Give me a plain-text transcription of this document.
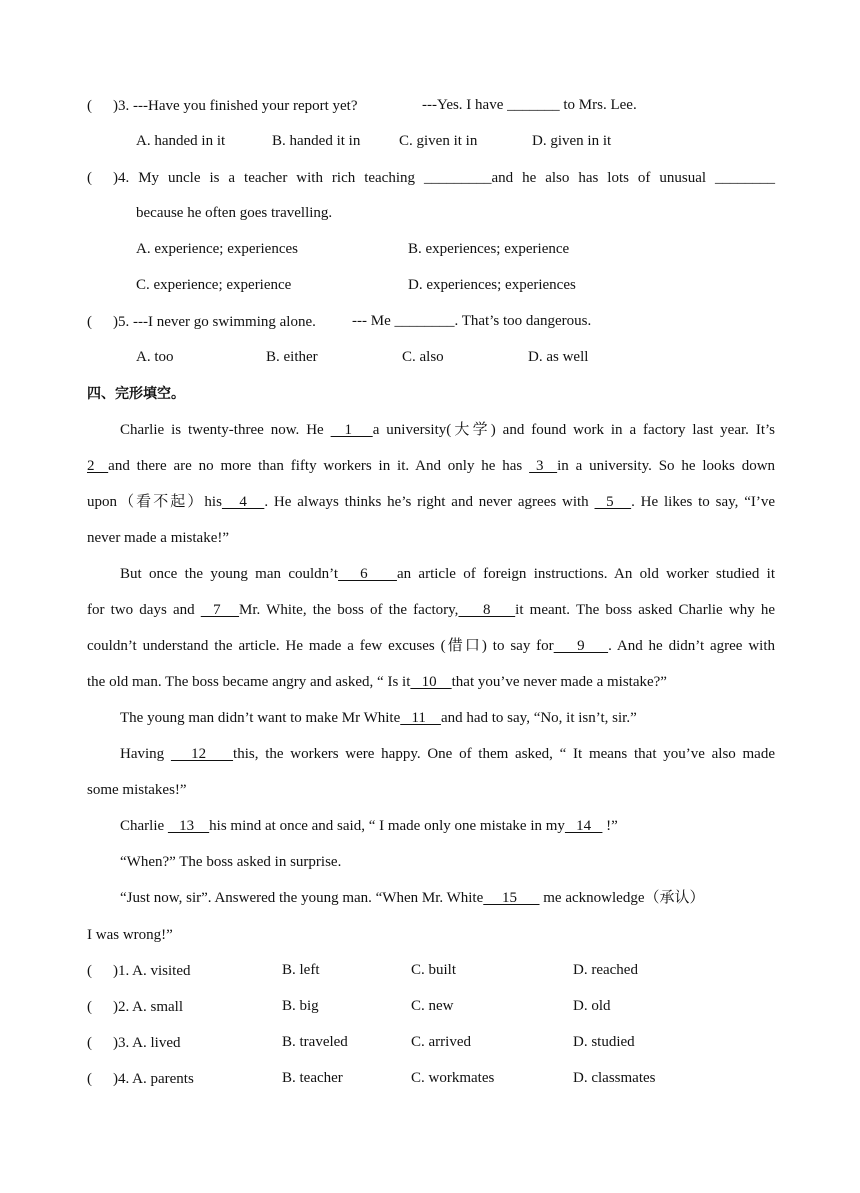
( )3. ---Have you finished your report yet?	---Yes. I have _______ to Mrs. Lee.
A. handed in it	B. handed it in	C. given it in	D. given in it
( )4. My uncle is a teacher with rich teaching _________and he also has lots of unusual ________
because he often goes travelling.
A. experience; experiences	B. experiences; experience
C. experience; experience	D. experiences; experiences
( )5. ---I never go swimming alone. --- Me ________. That’s too dangerous.
A. too	B. either	C. also	D. as well
四、完形填空。
Charlie is twenty-three now. He   1   a university(大学) and found work in a factory last year. It’s
2  and there are no more than fifty workers in it. And only he has  3  in a university. So he looks down
upon（看不起）his   4   . He always thinks he’s right and never agrees with   5   . He likes to say, “I’ve
never made a mistake!”
But once the young man couldn’t   6    an article of foreign instructions. An old worker studied it
for two days and   7   Mr. White, the boss of the factory,    8    it meant. The boss asked Charlie why he
couldn’t understand the article. He made a few excuses (借口) to say for    9    . And he didn’t agree with
the old man. The boss became angry and asked, “ Is it   10    that you’ve never made a mistake?”
The young man didn’t want to make Mr White   11    and had to say, “No, it isn’t, sir.”
Having    12    this, the workers were happy. One of them asked, “ It means that you’ve also made
some mistakes!”
Charlie    13    his mind at once and said, “ I made only one mistake in my   14    !”
“When?” The boss asked in surprise.
“Just now, sir”. Answered the young man. “When Mr. White     15       me acknowledge（承认）
I was wrong!”
( )1. A. visited	B. left	C. built	D. reached
( )2. A. small	B. big	C. new	D. old
( )3. A. lived	B. traveled	C. arrived	D. studied
( )4. A. parents	B. teacher	C. workmates	D. classmates
